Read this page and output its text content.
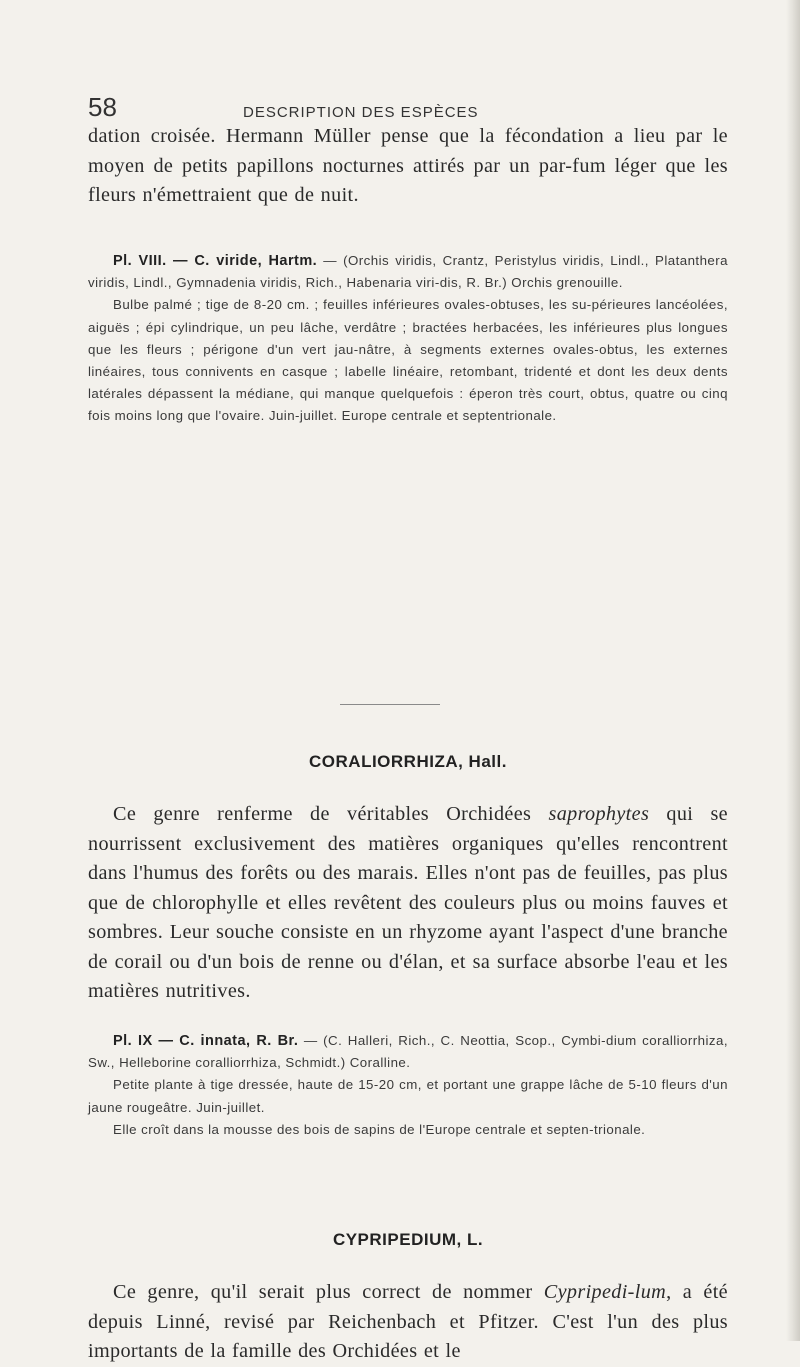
58	DESCRIPTION DES ESPÈCES

dation croisée. Hermann Müller pense que la fécondation a lieu par le moyen de petits papillons nocturnes attirés par un par-fum léger que les fleurs n'émettraient que de nuit.

Pl. VIII. — C. viride, Hartm. — (Orchis viridis, Crantz, Peristylus viridis, Lindl., Platanthera viridis, Lindl., Gymnadenia viridis, Rich., Habenaria viri-dis, R. Br.) Orchis grenouille.
Bulbe palmé ; tige de 8-20 cm. ; feuilles inférieures ovales-obtuses, les su-périeures lancéolées, aiguës ; épi cylindrique, un peu lâche, verdâtre ; bractées herbacées, les inférieures plus longues que les fleurs ; périgone d'un vert jau-nâtre, à segments externes ovales-obtus, les externes linéaires, tous connivents en casque ; labelle linéaire, retombant, tridenté et dont les deux dents latérales dépassent la médiane, qui manque quelquefois : éperon très court, obtus, quatre ou cinq fois moins long que l'ovaire. Juin-juillet. Europe centrale et septentrionale.
CORALIORRHIZA, Hall.

Ce genre renferme de véritables Orchidées saprophytes qui se nourrissent exclusivement des matières organiques qu'elles rencontrent dans l'humus des forêts ou des marais. Elles n'ont pas de feuilles, pas plus que de chlorophylle et elles revêtent des couleurs plus ou moins fauves et sombres. Leur souche consiste en un rhyzome ayant l'aspect d'une branche de corail ou d'un bois de renne ou d'élan, et sa surface absorbe l'eau et les matières nutritives.

Pl. IX — C. innata, R. Br. — (C. Halleri, Rich., C. Neottia, Scop., Cymbi-dium coralliorrhiza, Sw., Helleborine coralliorrhiza, Schmidt.) Coralline.
Petite plante à tige dressée, haute de 15-20 cm, et portant une grappe lâche de 5-10 fleurs d'un jaune rougeâtre. Juin-juillet.
Elle croît dans la mousse des bois de sapins de l'Europe centrale et septen-trionale.
CYPRIPEDIUM, L.

Ce genre, qu'il serait plus correct de nommer Cypripedi-lum, a été depuis Linné, revisé par Reichenbach et Pfitzer. C'est l'un des plus importants de la famille des Orchidées et le
